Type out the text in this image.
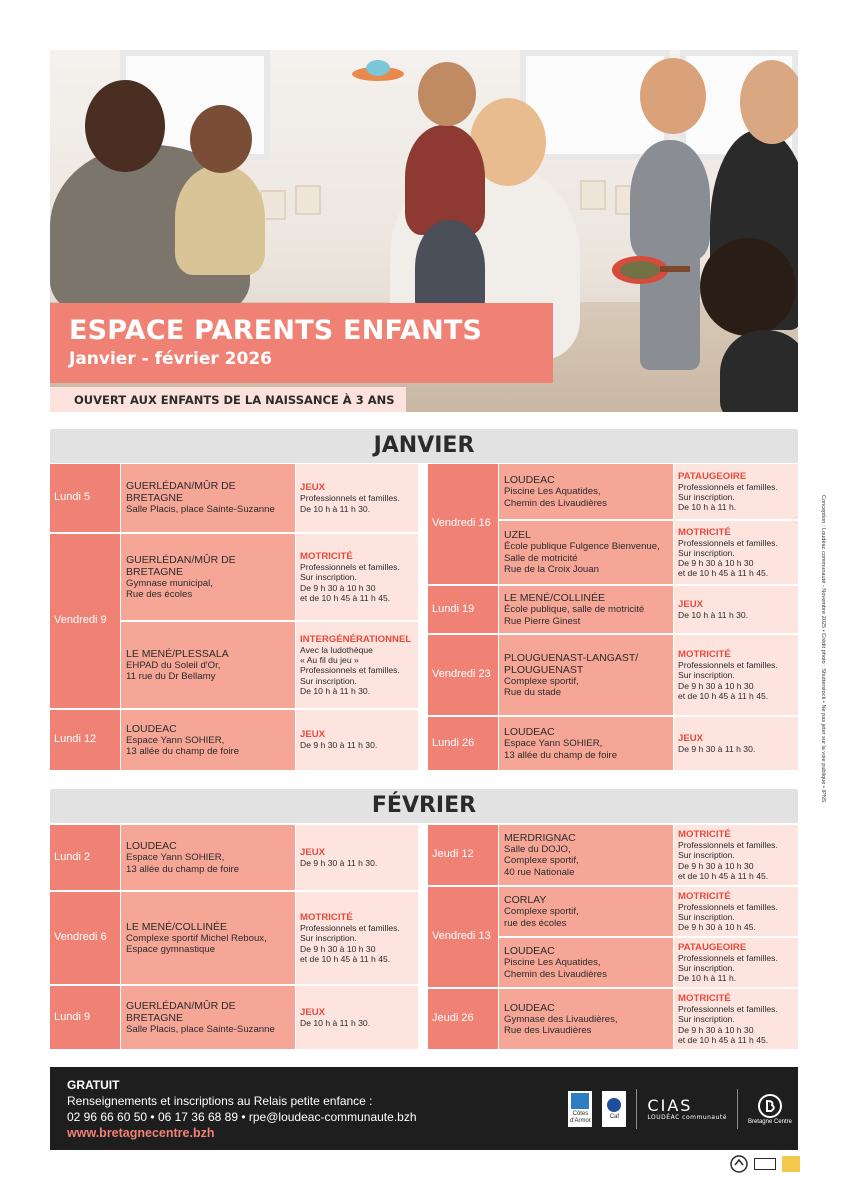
ESPACE PARENTS ENFANTS
Janvier - février 2026
OUVERT AUX ENFANTS DE LA NAISSANCE À 3 ANS
JANVIER
Lundi 5
GUERLÉDAN/MÛR DE BRETAGNE
Salle Placis, place Sainte-Suzanne
JEUX
Professionnels et familles.
De 10 h à 11 h 30.
Vendredi 9
GUERLÉDAN/MÛR DE BRETAGNE
Gymnase municipal,
Rue des écoles
MOTRICITÉ
Professionnels et familles.
Sur inscription.
De 9 h 30 à 10 h 30
et de 10 h 45 à 11 h 45.
LE MENÉ/PLESSALA
EHPAD du Soleil d'Or,
11 rue du Dr Bellamy
INTERGÉNÉRATIONNEL
Avec la ludothèque
« Au fil du jeu »
Professionnels et familles.
Sur inscription.
De 10 h à 11 h 30.
Lundi 12
LOUDEAC
Espace Yann SOHIER,
13 allée du champ de foire
JEUX
De 9 h 30 à 11 h 30.
Vendredi 16
LOUDEAC
Piscine Les Aquatides,
Chemin des Livaudières
PATAUGEOIRE
Professionnels et familles.
Sur inscription.
De 10 h à 11 h.
UZEL
École publique Fulgence Bienvenue,
Salle de motricité
Rue de la Croix Jouan
MOTRICITÉ
Professionnels et familles.
Sur inscription.
De 9 h 30 à 10 h 30
et de 10 h 45 à 11 h 45.
Lundi 19
LE MENÉ/COLLINÉE
École publique, salle de motricité
Rue Pierre Ginest
JEUX
De 10 h à 11 h 30.
Vendredi 23
PLOUGUENAST-LANGAST/
PLOUGUENAST
Complexe sportif,
Rue du stade
MOTRICITÉ
Professionnels et familles.
Sur inscription.
De 9 h 30 à 10 h 30
et de 10 h 45 à 11 h 45.
Lundi 26
LOUDEAC
Espace Yann SOHIER,
13 allée du champ de foire
JEUX
De 9 h 30 à 11 h 30.
FÉVRIER
Lundi 2
LOUDEAC
Espace Yann SOHIER,
13 allée du champ de foire
JEUX
De 9 h 30 à 11 h 30.
Vendredi 6
LE MENÉ/COLLINÉE
Complexe sportif Michel Reboux,
Espace gymnastique
MOTRICITÉ
Professionnels et familles.
Sur inscription.
De 9 h 30 à 10 h 30
et de 10 h 45 à 11 h 45.
Lundi 9
GUERLÉDAN/MÛR DE BRETAGNE
Salle Placis, place Sainte-Suzanne
JEUX
De 10 h à 11 h 30.
Jeudi 12
MERDRIGNAC
Salle du DOJO,
Complexe sportif,
40 rue Nationale
MOTRICITÉ
Professionnels et familles.
Sur inscription.
De 9 h 30 à 10 h 30
et de 10 h 45 à 11 h 45.
Vendredi 13
CORLAY
Complexe sportif,
rue des écoles
MOTRICITÉ
Professionnels et familles.
Sur inscription.
De 9 h 30 à 10 h 45.
LOUDEAC
Piscine Les Aquatides,
Chemin des Livaudières
PATAUGEOIRE
Professionnels et familles.
Sur inscription.
De 10 h à 11 h.
Jeudi 26
LOUDEAC
Gymnase des Livaudières,
Rue des Livaudières
MOTRICITÉ
Professionnels et familles.
Sur inscription.
De 9 h 30 à 10 h 30
et de 10 h 45 à 11 h 45.
Conception : Loudéac communauté - Novembre 2025 • Crédit photo : Shutterstock • Ne pas jeter sur la voie publique • IPNS
GRATUIT
Renseignements et inscriptions au Relais petite enfance :
02 96 66 60 50 • 06 17 36 68 89 • rpe@loudeac-communaute.bzh
www.bretagnecentre.bzh
Côtes d'Armor
Caf
CIAS
LOUDÉAC communauté
Bretagne Centre
